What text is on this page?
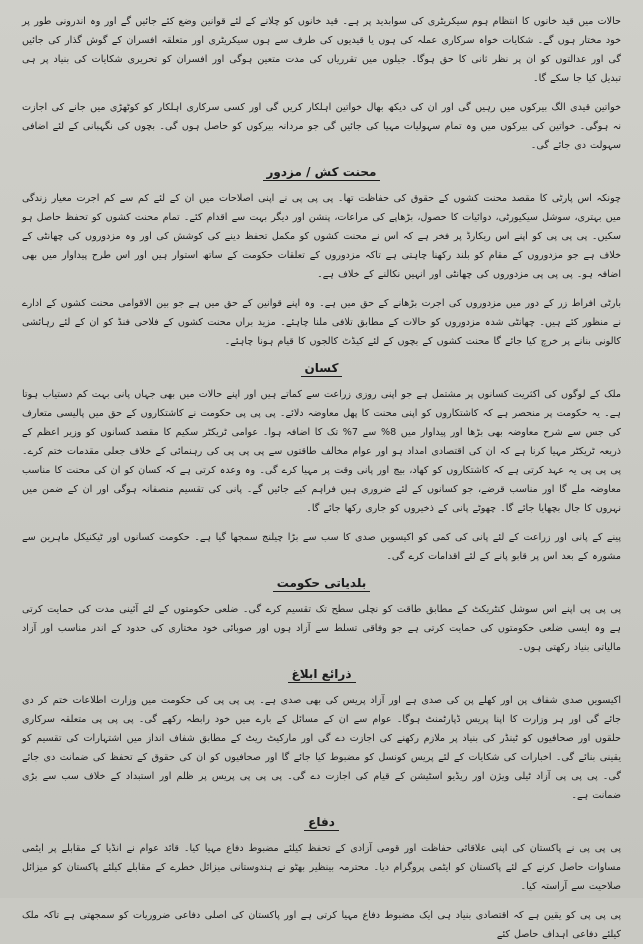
حالات میں قید خانوں کا انتظام ہوم سیکریٹری کی سوابدید پر ہے۔ قید خانوں کو چلانے کے لئے قوانین وضع کئے جائیں گے اور وہ اندرونی طور پر خود مختار ہوں گے۔ شکایات خواہ سرکاری عملہ کی ہوں یا قیدیوں کی طرف سے ہوں سیکریٹری اور متعلقہ افسران کے گوش گذار کی جائیں گی اور عدالتوں کو ان پر نظر ثانی کا حق ہوگا۔ جیلوں میں تقرریاں کی مدت متعین ہوگی اور افسران کو تحریری شکایات کی بنیاد پر ہی تبدیل کیا جا سکے گا۔

خواتین قیدی الگ بیرکوں میں رہیں گی اور ان کی دیکھ بھال خواتین اہلکار کریں گی اور کسی سرکاری اہلکار کو کوٹھڑی میں جانے کی اجازت نہ ہوگی۔ خواتین کی بیرکوں میں وہ تمام سہولیات مہیا کی جائیں گی جو مردانہ بیرکوں کو حاصل ہوں گی۔ بچوں کی نگہبانی کے لئے اضافی سہولت دی جائے گی۔

محنت کش / مزدور

چونکہ اس پارٹی کا مقصد محنت کشوں کے حقوق کی حفاظت تھا۔ پی پی پی نے اپنی اصلاحات میں ان کے لئے کم سے کم اجرت معیار زندگی میں بہتری، سوشل سیکیورٹی، دوائیات کا حصول، بڑھاپے کی مراعات، پنشن اور دیگر بہت سے اقدام کئے۔ تمام محنت کشوں کو تحفظ حاصل ہو سکیں۔ پی پی پی کو اپنے اس ریکارڈ پر فخر ہے کہ اس نے محنت کشوں کو مکمل تحفظ دینے کی کوشش کی اور وہ مزدوروں کی چھانٹی کے خلاف ہے جو مزدوروں کے مقام کو بلند رکھنا چاہتی ہے تاکہ مزدوروں کے تعلقات حکومت کے ساتھ استوار ہیں اور اس طرح پیداوار میں بھی اضافہ ہو۔ پی پی پی مزدوروں کی چھانٹی اور انہیں نکالنے کے خلاف ہے۔

بارٹی افراط زر کے دور میں مزدوروں کی اجرت بڑھانے کے حق میں ہے۔ وہ اپنے قوانین کے حق میں ہے جو بین الاقوامی محنت کشوں کے ادارے نے منظور کئے ہیں۔ چھانٹی شدہ مزدوروں کو حالات کے مطابق تلافی ملنا چاہئے۔ مزید براں محنت کشوں کے فلاحی فنڈ کو ان کے لئے رہائشی کالونی بنانے پر خرچ کیا جائے گا محنت کشوں کے بچوں کے لئے کیڈٹ کالجوں کا قیام ہونا چاہئے۔

کسان

ملک کے لوگوں کی اکثریت کسانوں پر مشتمل ہے جو اپنی روزی زراعت سے کماتے ہیں اور اپنے حالات میں بھی جہاں پانی بہت کم دستیاب ہوتا ہے۔ یہ حکومت پر منحصر ہے کہ کاشتکاروں کو اپنی محنت کا پھل معاوضہ دلائے۔ پی پی پی حکومت نے کاشتکاروں کے حق میں پالیسی متعارف کی جس سے شرح معاوضہ بھی بڑھا اور پیداوار میں 8% سے 7% تک کا اضافہ ہوا۔ عوامی ٹریکٹر سکیم کا مقصد کسانوں کو وزیر اعظم کے ذریعہ ٹریکٹر مہیا کرنا ہے کہ ان کی اقتصادی امداد ہو اور عوام مخالف طاقتوں سے پی پی پی کی رہنمائی کے خلاف جعلی مقدمات ختم کرے۔ پی پی پی یہ عہد کرتی ہے کہ کاشتکاروں کو کھاد، بیج اور پانی وقت پر مہیا کرے گی۔ وہ وعدہ کرتی ہے کہ کسان کو ان کی محنت کا مناسب معاوضہ ملے گا اور مناسب قرضے، جو کسانوں کے لئے ضروری ہیں فراہم کیے جائیں گے۔ پانی کی تقسیم منصفانہ ہوگی اور ان کے ضمن میں نہروں کا جال بچھایا جائے گا۔ چھوٹے پانی کے ذخیروں کو جاری رکھا جائے گا۔

پینے کے پانی اور زراعت کے لئے پانی کی کمی کو اکیسویں صدی کا سب سے بڑا چیلنج سمجھا گیا ہے۔ حکومت کسانوں اور ٹیکنیکل ماہرین سے مشورہ کے بعد اس پر قابو پانے کے لئے اقدامات کرے گی۔

بلدیاتی حکومت

پی پی پی اپنے اس سوشل کنٹریکٹ کے مطابق طاقت کو نچلی سطح تک تقسیم کرے گی۔ ضلعی حکومتوں کے لئے آئینی مدت کی حمایت کرتی ہے وہ ایسی ضلعی حکومتوں کی حمایت کرتی ہے جو وفاقی تسلط سے آزاد ہوں اور صوبائی خود مختاری کی حدود کے اندر مناسب اور آزاد مالیاتی بنیاد رکھتی ہوں۔

ذرائع ابلاغ

اکیسویں صدی شفاف پن اور کھلے پن کی صدی ہے اور آزاد پریس کی بھی صدی ہے۔ پی پی پی کی حکومت میں وزارت اطلاعات ختم کر دی جائے گی اور ہر وزارت کا اپنا پریس ڈپارٹمنٹ ہوگا۔ عوام سے ان کے مسائل کے بارے میں خود رابطہ رکھے گی۔ پی پی پی متعلقہ سرکاری حلقوں اور صحافیوں کو ٹینڈر کی بنیاد پر ملازم رکھنے کی اجازت دے گی اور مارکیٹ ریٹ کے مطابق شفاف انداز میں اشتہارات کی تقسیم کو یقینی بنائے گی۔ اخبارات کی شکایات کے لئے پریس کونسل کو مضبوط کیا جائے گا اور صحافیوں کو ان کی حقوق کے تحفظ کی ضمانت دی جائے گی۔ پی پی پی آزاد ٹیلی ویژن اور ریڈیو اسٹیشن کے قیام کی اجازت دے گی۔ پی پی پی پریس پر ظلم اور استبداد کے خلاف سب سے بڑی ضمانت ہے۔

دفاع

پی پی پی نے پاکستان کی اپنی علاقائی حفاظت اور قومی آزادی کے تحفظ کیلئے مضبوط دفاع مہیا کیا۔ قائد عوام نے انڈیا کے مقابلے پر ایٹمی مساوات حاصل کرنے کے لئے پاکستان کو ایٹمی پروگرام دیا۔ محترمہ بینظیر بھٹو نے ہندوستانی میزائل خطرے کے مقابلے کیلئے پاکستان کو میزائل صلاحیت سے آراستہ کیا۔

پی پی پی کو یقین ہے کہ اقتصادی بنیاد ہی ایک مضبوط دفاع مہیا کرتی ہے اور پاکستان کی اصلی دفاعی ضروریات کو سمجھتی ہے تاکہ ملک کیلئے دفاعی اہداف حاصل کئے
